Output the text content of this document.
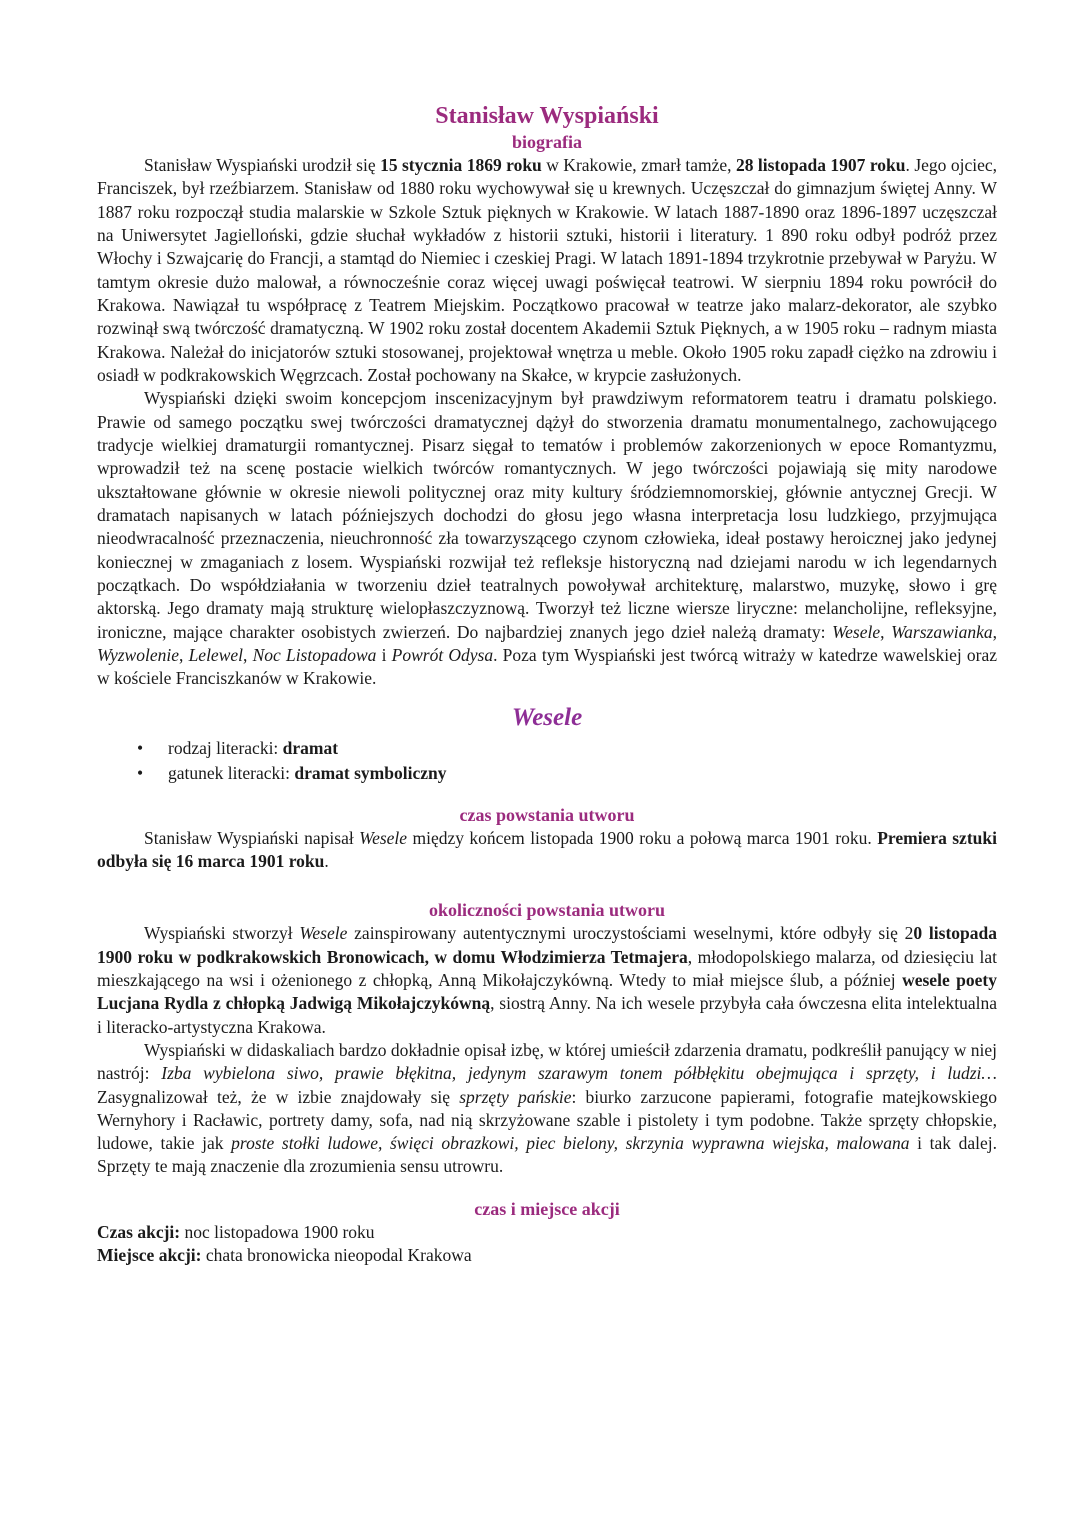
Stanisław Wyspiański
biografia

Stanisław Wyspiański urodził się 15 stycznia 1869 roku w Krakowie, zmarł tamże, 28 listopada 1907 roku. Jego ojciec, Franciszek, był rzeźbiarzem. Stanisław od 1880 roku wychowywał się u krewnych. Uczęszczał do gimnazjum świętej Anny. W 1887 roku rozpoczął studia malarskie w Szkole Sztuk pięknych w Krakowie. W latach 1887-1890 oraz 1896-1897 uczęszczał na Uniwersytet Jagielloński, gdzie słuchał wykładów z historii sztuki, historii i literatury. 1 890 roku odbył podróż przez Włochy i Szwajcarię do Francji, a stamtąd do Niemiec i czeskiej Pragi. W latach 1891-1894 trzykrotnie przebywał w Paryżu. W tamtym okresie dużo malował, a równocześnie coraz więcej uwagi poświęcał teatrowi. W sierpniu 1894 roku powrócił do Krakowa. Nawiązał tu współpracę z Teatrem Miejskim. Początkowo pracował w teatrze jako malarz-dekorator, ale szybko rozwinął swą twórczość dramatyczną. W 1902 roku został docentem Akademii Sztuk Pięknych, a w 1905 roku – radnym miasta Krakowa. Należał do inicjatorów sztuki stosowanej, projektował wnętrza u meble. Około 1905 roku zapadł ciężko na zdrowiu i osiadł w podkrakowskich Węgrzcach. Został pochowany na Skałce, w krypcie zasłużonych.

Wyspiański dzięki swoim koncepcjom inscenizacyjnym był prawdziwym reformatorem teatru i dramatu polskiego. Prawie od samego początku swej twórczości dramatycznej dążył do stworzenia dramatu monumentalnego, zachowującego tradycje wielkiej dramaturgii romantycznej. Pisarz sięgał to tematów i problemów zakorzenionych w epoce Romantyzmu, wprowadził też na scenę postacie wielkich twórców romantycznych. W jego twórczości pojawiają się mity narodowe ukształtowane głównie w okresie niewoli politycznej oraz mity kultury śródziemnomorskiej, głównie antycznej Grecji. W dramatach napisanych w latach późniejszych dochodzi do głosu jego własna interpretacja losu ludzkiego, przyjmująca nieodwracalność przeznaczenia, nieuchronność zła towarzyszącego czynom człowieka, ideał postawy heroicznej jako jedynej koniecznej w zmaganiach z losem. Wyspiański rozwijał też refleksje historyczną nad dziejami narodu w ich legendarnych początkach. Do współdziałania w tworzeniu dzieł teatralnych powoływał architekturę, malarstwo, muzykę, słowo i grę aktorską. Jego dramaty mają strukturę wielopłaszczyznową. Tworzył też liczne wiersze liryczne: melancholijne, refleksyjne, ironiczne, mające charakter osobistych zwierzeń. Do najbardziej znanych jego dzieł należą dramaty: Wesele, Warszawianka, Wyzwolenie, Lelewel, Noc Listopadowa i Powrót Odysa. Poza tym Wyspiański jest twórcą witraży w katedrze wawelskiej oraz w kościele Franciszkanów w Krakowie.

Wesele
• rodzaj literacki: dramat
• gatunek literacki: dramat symboliczny
czas powstania utworu

Stanisław Wyspiański napisał Wesele między końcem listopada 1900 roku a połową marca 1901 roku. Premiera sztuki odbyła się 16 marca 1901 roku.

okoliczności powstania utworu

Wyspiański stworzył Wesele zainspirowany autentycznymi uroczystościami weselnymi, które odbyły się 20 listopada 1900 roku w podkrakowskich Bronowicach, w domu Włodzimierza Tetmajera, młodopolskiego malarza, od dziesięciu lat mieszkającego na wsi i ożenionego z chłopką, Anną Mikołajczykówną. Wtedy to miał miejsce ślub, a później wesele poety Lucjana Rydla z chłopką Jadwigą Mikołajczykówną, siostrą Anny. Na ich wesele przybyła cała ówczesna elita intelektualna i literacko-artystyczna Krakowa.

Wyspiański w didaskaliach bardzo dokładnie opisał izbę, w której umieścił zdarzenia dramatu, podkreślił panujący w niej nastrój: Izba wybielona siwo, prawie błękitna, jedynym szarawym tonem półbłękitu obejmująca i sprzęty, i ludzi… Zasygnalizował też, że w izbie znajdowały się sprzęty pańskie: biurko zarzucone papierami, fotografie matejkowskiego Wernyhory i Racławic, portrety damy, sofa, nad nią skrzyżowane szable i pistolety i tym podobne. Także sprzęty chłopskie, ludowe, takie jak proste stołki ludowe, święci obrazkowi, piec bielony, skrzynia wyprawna wiejska, malowana i tak dalej. Sprzęty te mają znaczenie dla zrozumienia sensu utrowru.

czas i miejsce akcji

Czas akcji: noc listopadowa 1900 roku

Miejsce akcji: chata bronowicka nieopodal Krakowa
